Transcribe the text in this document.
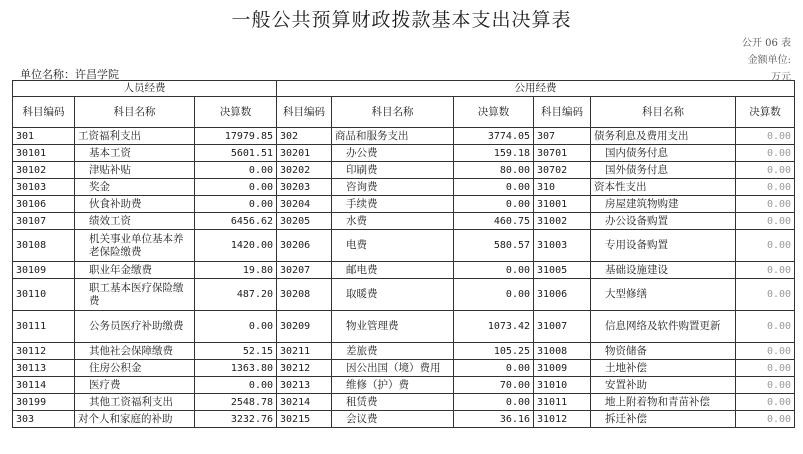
一般公共预算财政拨款基本支出决算表
公开 06 表
金额单位:
万元
单位名称：许昌学院
人员经费			公用经费					
科目编码	科目名称	决算数	科目编码	科目名称	决算数	科目编码	科目名称	决算数
301	工资福利支出	17979.85	302	商品和服务支出	3774.05	307	债务利息及费用支出	0.00
30101	基本工资	5601.51	30201	办公费	159.18	30701	国内债务付息	0.00
30102	津贴补贴	0.00	30202	印刷费	80.00	30702	国外债务付息	0.00
30103	奖金	0.00	30203	咨询费	0.00	310	资本性支出	0.00
30106	伙食补助费	0.00	30204	手续费	0.00	31001	房屋建筑物购建	0.00
30107	绩效工资	6456.62	30205	水费	460.75	31002	办公设备购置	0.00
30108	机关事业单位基本养老保险缴费	1420.00	30206	电费	580.57	31003	专用设备购置	0.00
30109	职业年金缴费	19.80	30207	邮电费	0.00	31005	基础设施建设	0.00
30110	职工基本医疗保险缴费	487.20	30208	取暖费	0.00	31006	大型修缮	0.00
30111	公务员医疗补助缴费	0.00	30209	物业管理费	1073.42	31007	信息网络及软件购置更新	0.00
30112	其他社会保障缴费	52.15	30211	差旅费	105.25	31008	物资储备	0.00
30113	住房公积金	1363.80	30212	因公出国（境）费用	0.00	31009	土地补偿	0.00
30114	医疗费	0.00	30213	维修（护）费	70.00	31010	安置补助	0.00
30199	其他工资福利支出	2548.78	30214	租赁费	0.00	31011	地上附着物和青苗补偿	0.00
303	对个人和家庭的补助	3232.76	30215	会议费	36.16	31012	拆迁补偿	0.00
